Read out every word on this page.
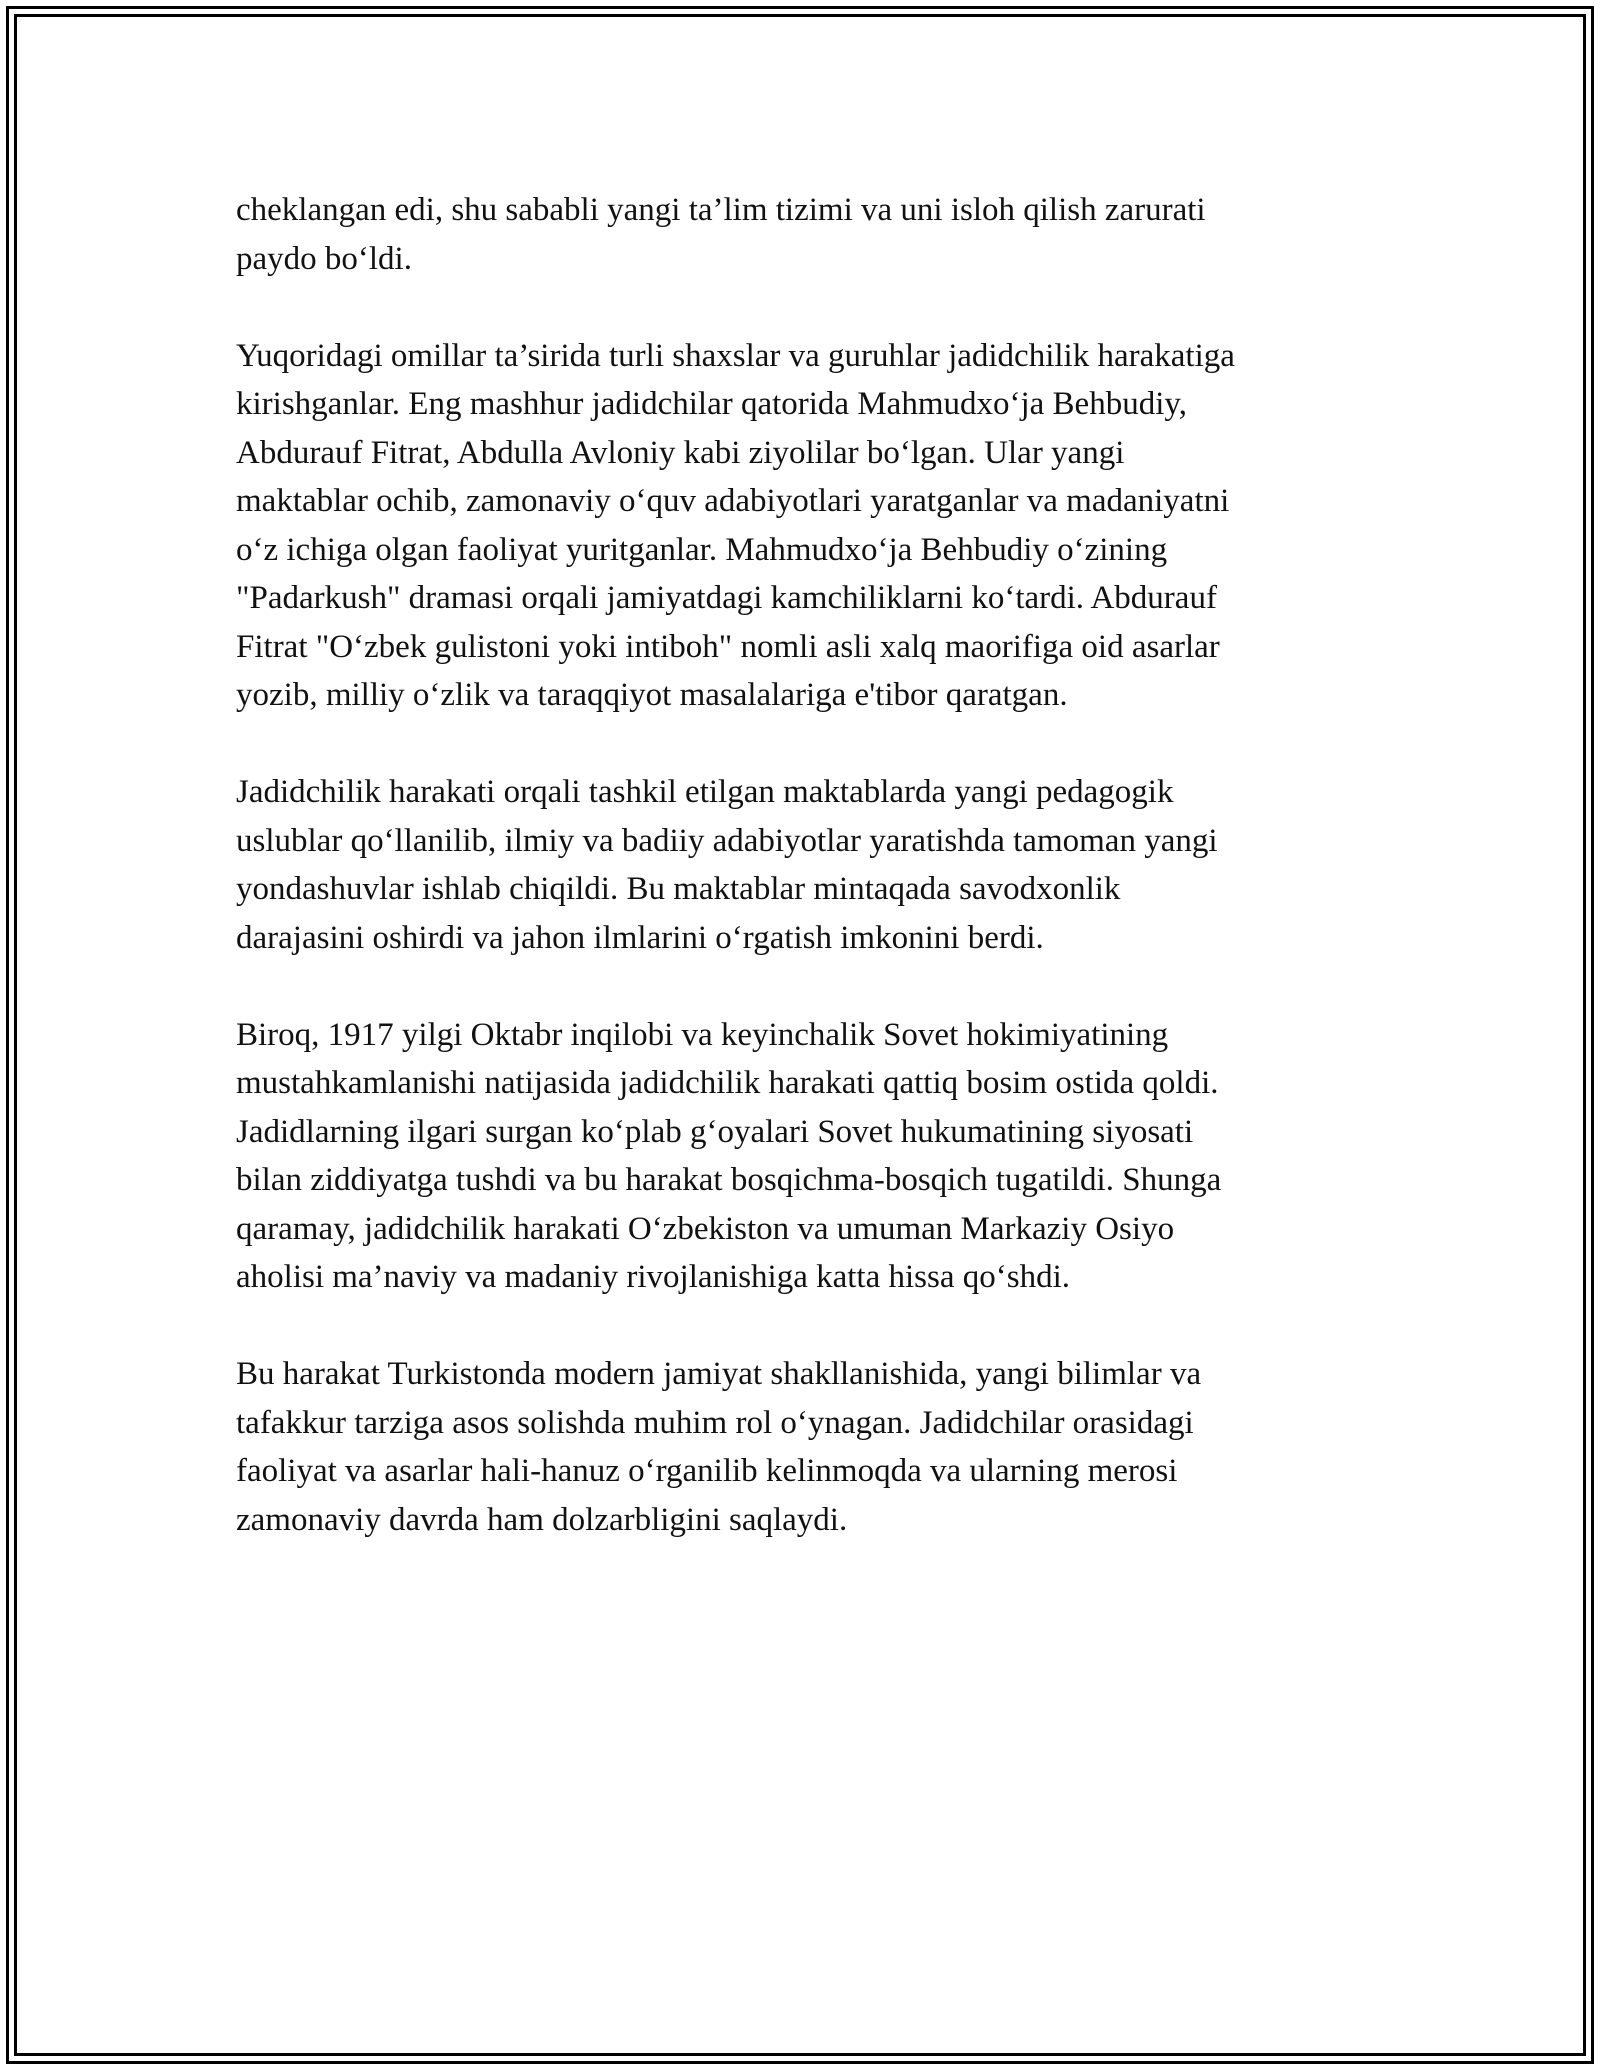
cheklangan edi, shu sababli yangi ta’lim tizimi va uni isloh qilish zarurati
paydo bo‘ldi.

Yuqoridagi omillar ta’sirida turli shaxslar va guruhlar jadidchilik harakatiga
kirishganlar. Eng mashhur jadidchilar qatorida Mahmudxo‘ja Behbudiy,
Abdurauf Fitrat, Abdulla Avloniy kabi ziyolilar bo‘lgan. Ular yangi
maktablar ochib, zamonaviy o‘quv adabiyotlari yaratganlar va madaniyatni
o‘z ichiga olgan faoliyat yuritganlar. Mahmudxo‘ja Behbudiy o‘zining
"Padarkush" dramasi orqali jamiyatdagi kamchiliklarni ko‘tardi. Abdurauf
Fitrat "O‘zbek gulistoni yoki intiboh" nomli asli xalq maorifiga oid asarlar
yozib, milliy o‘zlik va taraqqiyot masalalariga e'tibor qaratgan.

Jadidchilik harakati orqali tashkil etilgan maktablarda yangi pedagogik
uslublar qo‘llanilib, ilmiy va badiiy adabiyotlar yaratishda tamoman yangi
yondashuvlar ishlab chiqildi. Bu maktablar mintaqada savodxonlik
darajasini oshirdi va jahon ilmlarini o‘rgatish imkonini berdi.

Biroq, 1917 yilgi Oktabr inqilobi va keyinchalik Sovet hokimiyatining
mustahkamlanishi natijasida jadidchilik harakati qattiq bosim ostida qoldi.
Jadidlarning ilgari surgan ko‘plab g‘oyalari Sovet hukumatining siyosati
bilan ziddiyatga tushdi va bu harakat bosqichma-bosqich tugatildi. Shunga
qaramay, jadidchilik harakati O‘zbekiston va umuman Markaziy Osiyo
aholisi ma’naviy va madaniy rivojlanishiga katta hissa qo‘shdi.

Bu harakat Turkistonda modern jamiyat shakllanishida, yangi bilimlar va
tafakkur tarziga asos solishda muhim rol o‘ynagan. Jadidchilar orasidagi
faoliyat va asarlar hali-hanuz o‘rganilib kelinmoqda va ularning merosi
zamonaviy davrda ham dolzarbligini saqlaydi.
